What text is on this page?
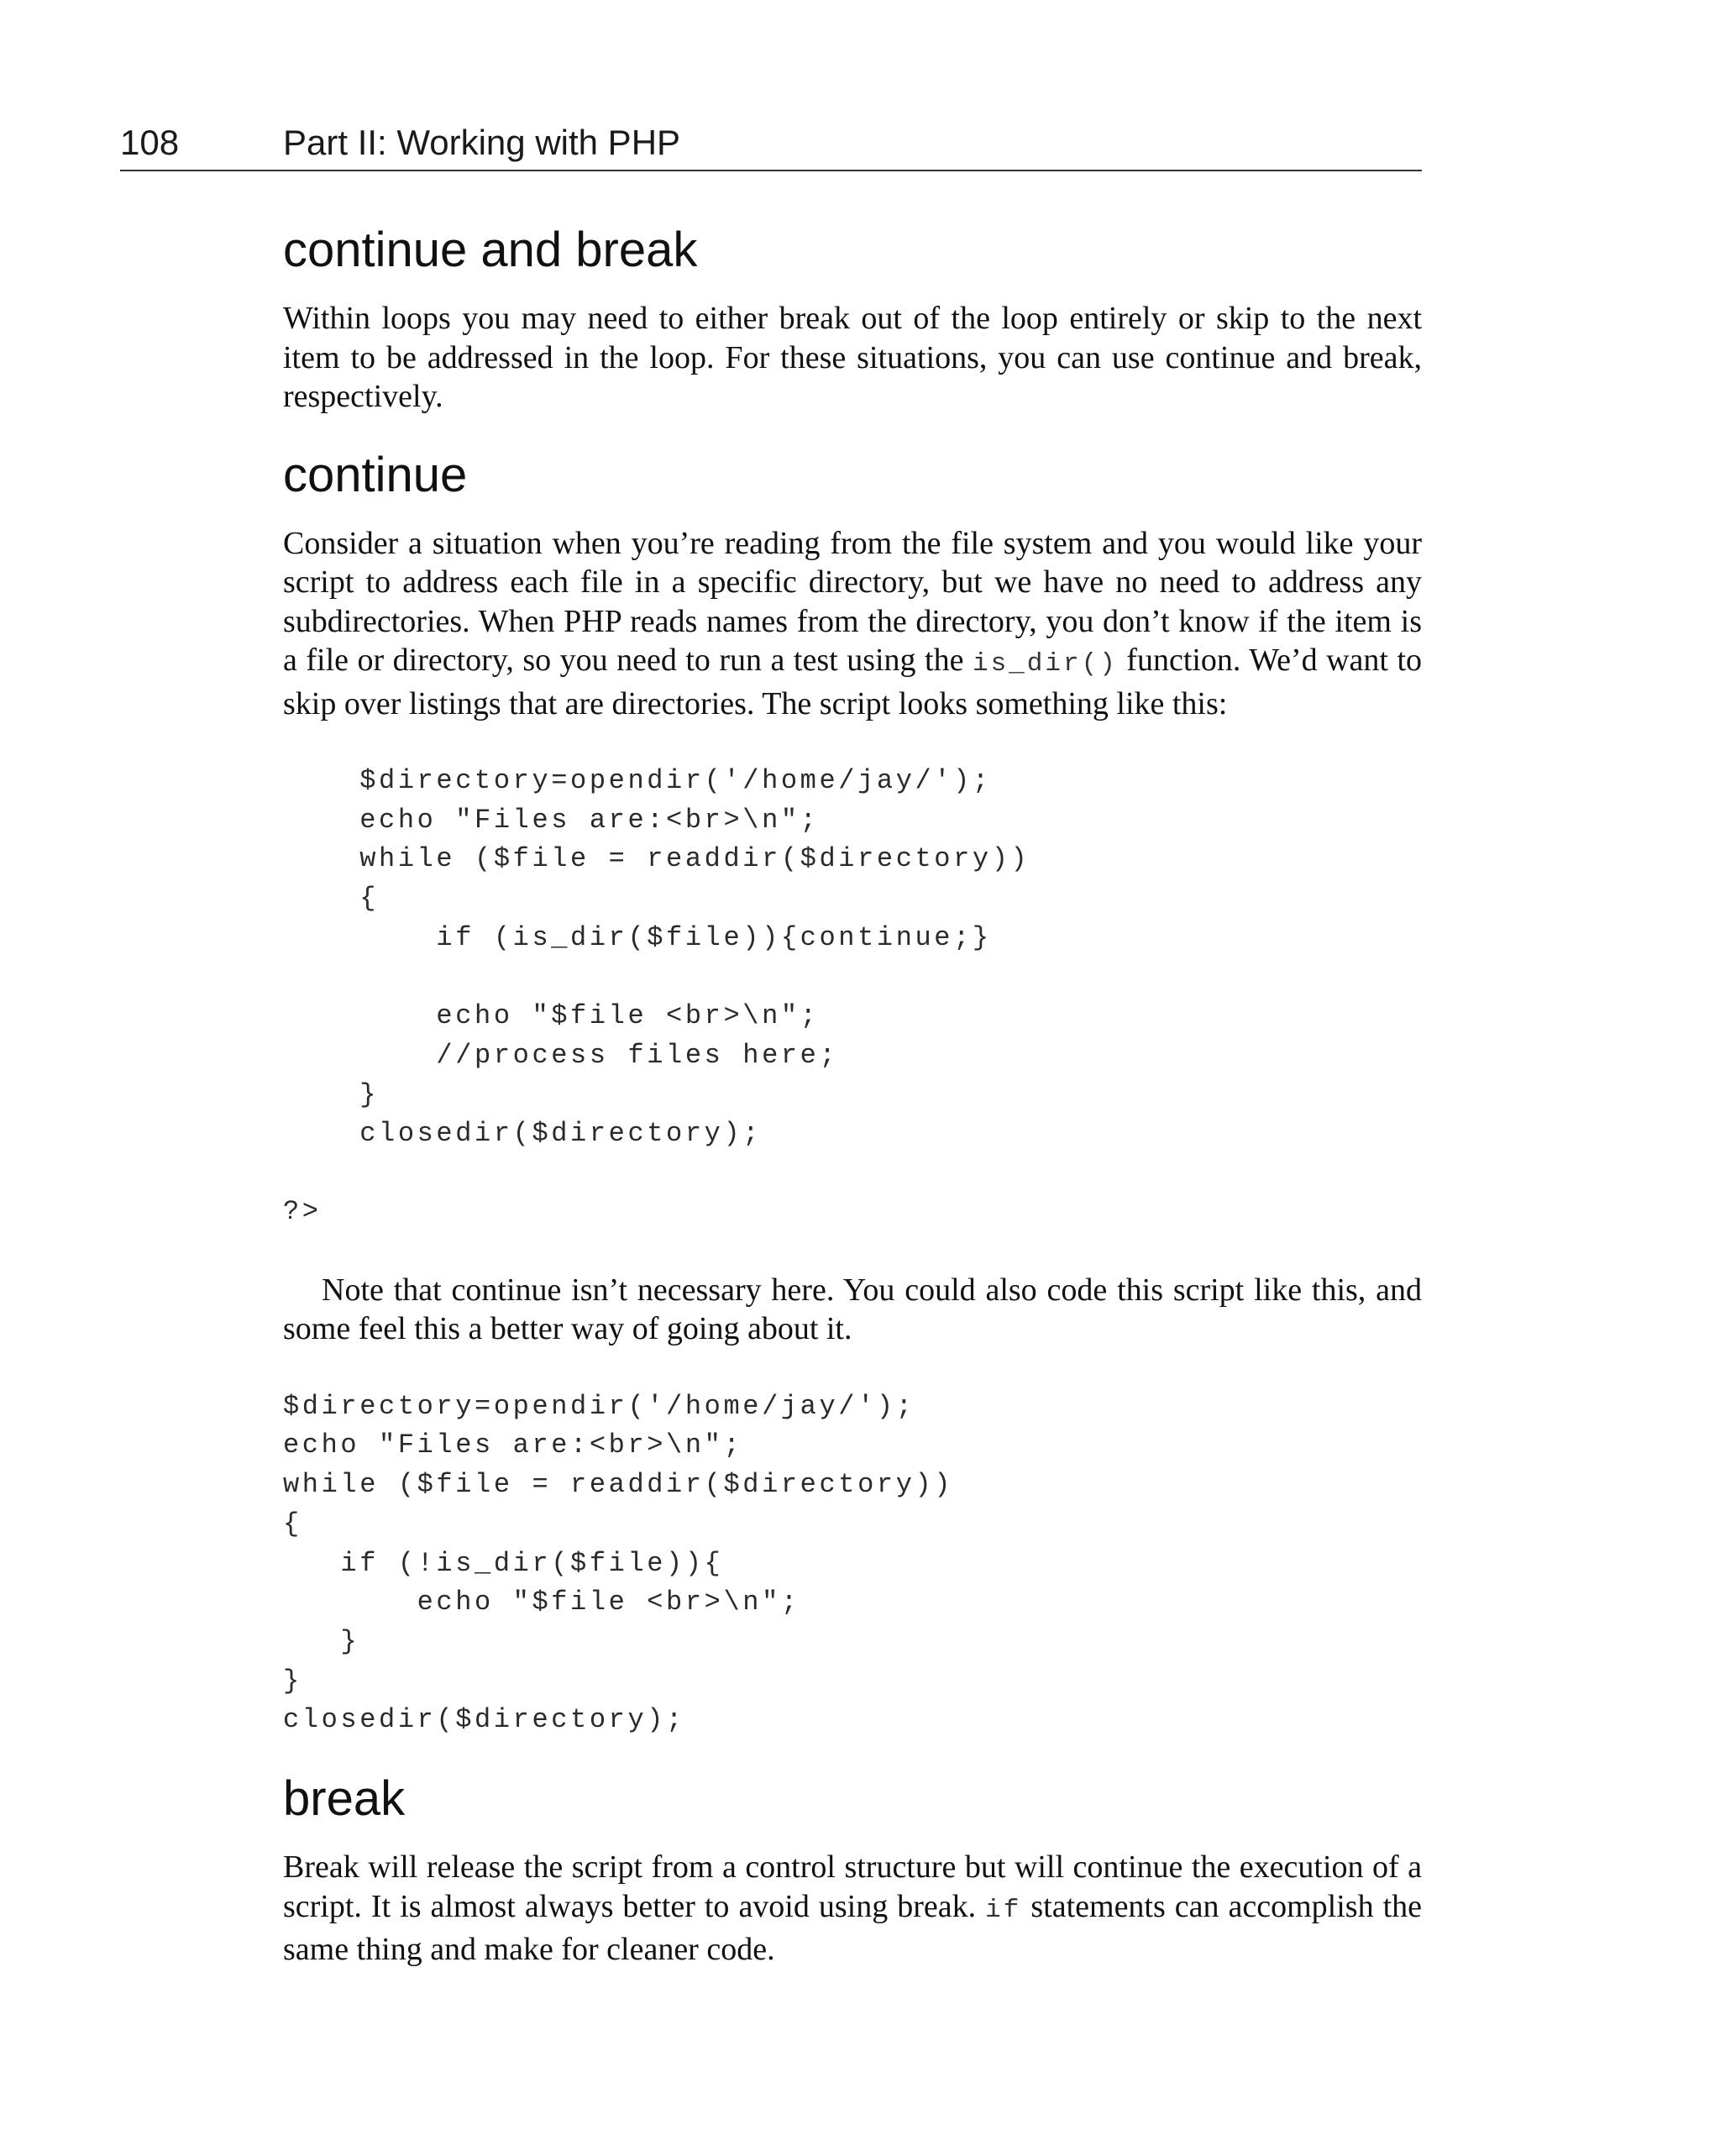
108	Part II: Working with PHP
continue and break

Within loops you may need to either break out of the loop entirely or skip to the next item to be addressed in the loop. For these situations, you can use continue and break, respectively.

continue

Consider a situation when you’re reading from the file system and you would like your script to address each file in a specific directory, but we have no need to address any subdirectories. When PHP reads names from the directory, you don’t know if the item is a file or directory, so you need to run a test using the is_dir() function. We’d want to skip over listings that are directories. The script looks something like this:

$directory=opendir('/home/jay/');
echo "Files are:<br>\n";
while ($file = readdir($directory))
{
if (is_dir($file)){continue;}

echo "$file <br>\n";
//process files here;
}
closedir($directory);
?>

Note that continue isn’t necessary here. You could also code this script like this, and some feel this a better way of going about it.

$directory=opendir('/home/jay/');
echo "Files are:<br>\n";
while ($file = readdir($directory))
{
if (!is_dir($file)){
echo "$file <br>\n";
}
}
closedir($directory);
break

Break will release the script from a control structure but will continue the execution of a script. It is almost always better to avoid using break. if statements can accomplish the same thing and make for cleaner code.
